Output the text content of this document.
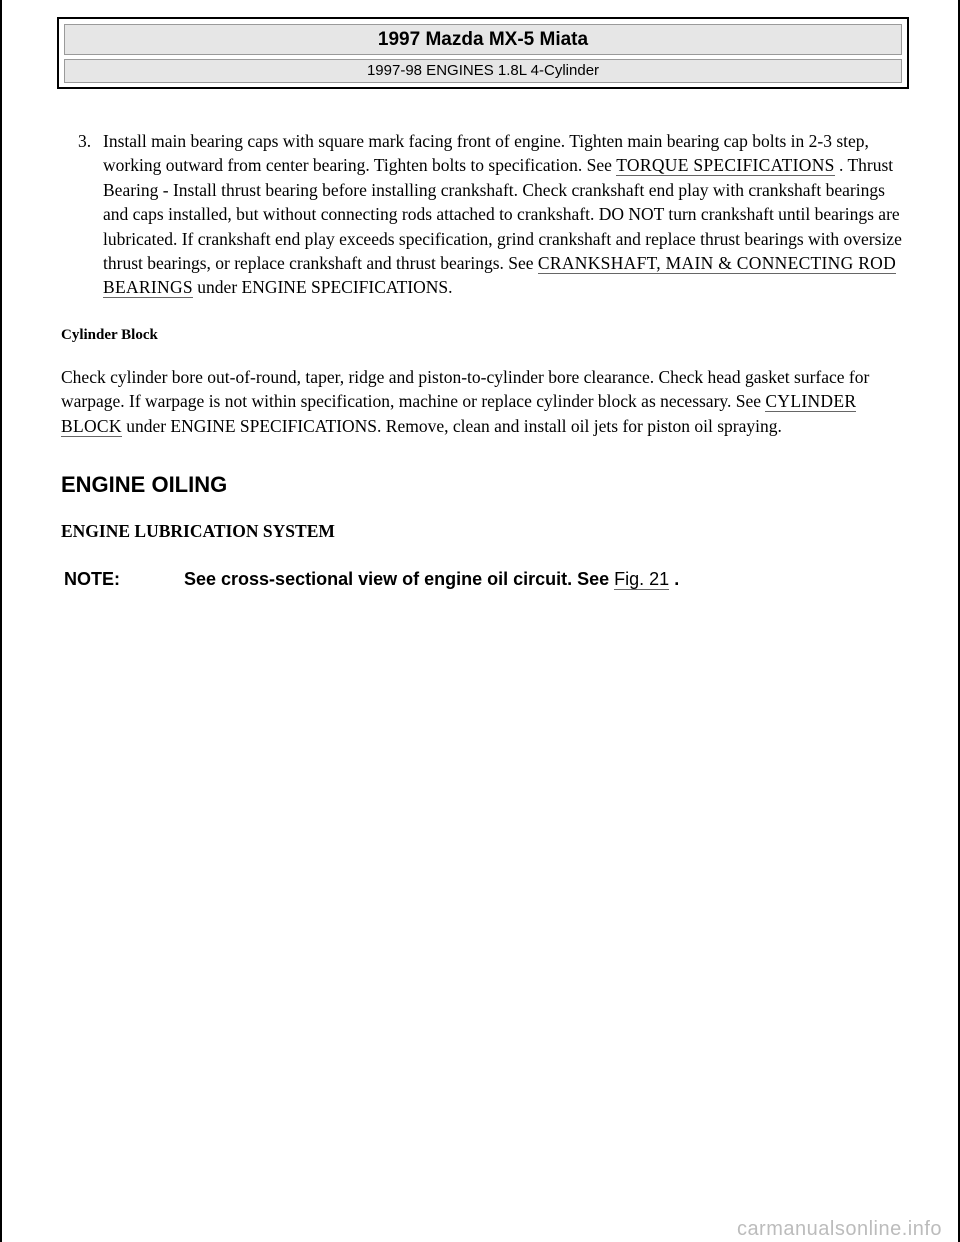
1997 Mazda MX-5 Miata
1997-98 ENGINES 1.8L 4-Cylinder
3. Install main bearing caps with square mark facing front of engine. Tighten main bearing cap bolts in 2-3 step, working outward from center bearing. Tighten bolts to specification. See TORQUE SPECIFICATIONS . Thrust Bearing - Install thrust bearing before installing crankshaft. Check crankshaft end play with crankshaft bearings and caps installed, but without connecting rods attached to crankshaft. DO NOT turn crankshaft until bearings are lubricated. If crankshaft end play exceeds specification, grind crankshaft and replace thrust bearings with oversize thrust bearings, or replace crankshaft and thrust bearings. See CRANKSHAFT, MAIN & CONNECTING ROD BEARINGS under ENGINE SPECIFICATIONS.
Cylinder Block
Check cylinder bore out-of-round, taper, ridge and piston-to-cylinder bore clearance. Check head gasket surface for warpage. If warpage is not within specification, machine or replace cylinder block as necessary. See CYLINDER BLOCK under ENGINE SPECIFICATIONS. Remove, clean and install oil jets for piston oil spraying.
ENGINE OILING
ENGINE LUBRICATION SYSTEM
NOTE:	See cross-sectional view of engine oil circuit. See Fig. 21 .
carmanualsonline.info
